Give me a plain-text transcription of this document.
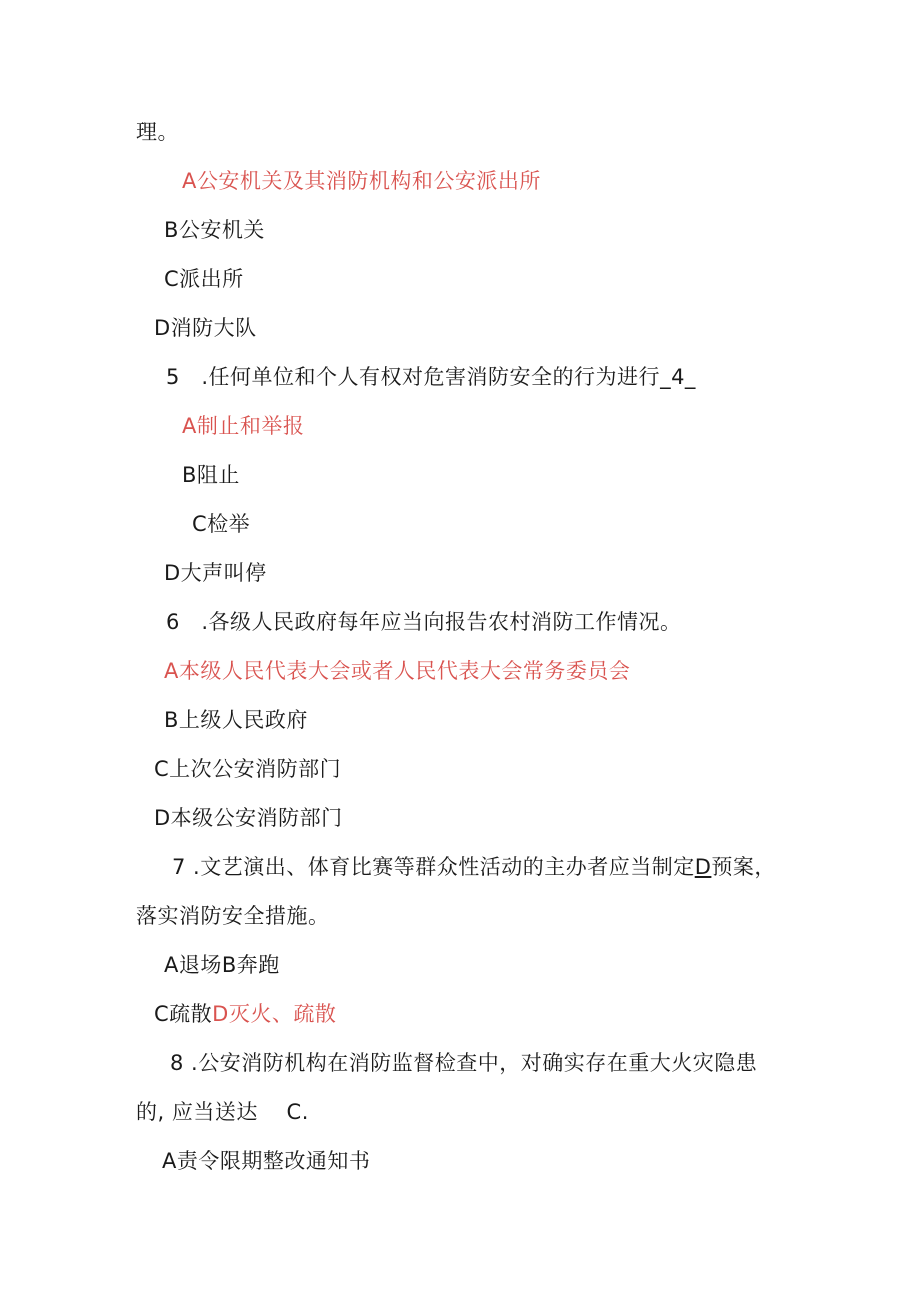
理。
A公安机关及其消防机构和公安派出所
B公安机关
C派出所
D消防大队
5   .任何单位和个人有权对危害消防安全的行为进行_4_
A制止和举报
B阻止
C检举
D大声叫停
6   .各级人民政府每年应当向报告农村消防工作情况。
A本级人民代表大会或者人民代表大会常务委员会
B上级人民政府
C上次公安消防部门
D本级公安消防部门
7 .文艺演出、体育比赛等群众性活动的主办者应当制定D预案，
落实消防安全措施。
A退场B奔跑
C疏散D灭火、疏散
8 .公安消防机构在消防监督检查中，对确实存在重大火灾隐患
的, 应当送达    C.
A责令限期整改通知书
